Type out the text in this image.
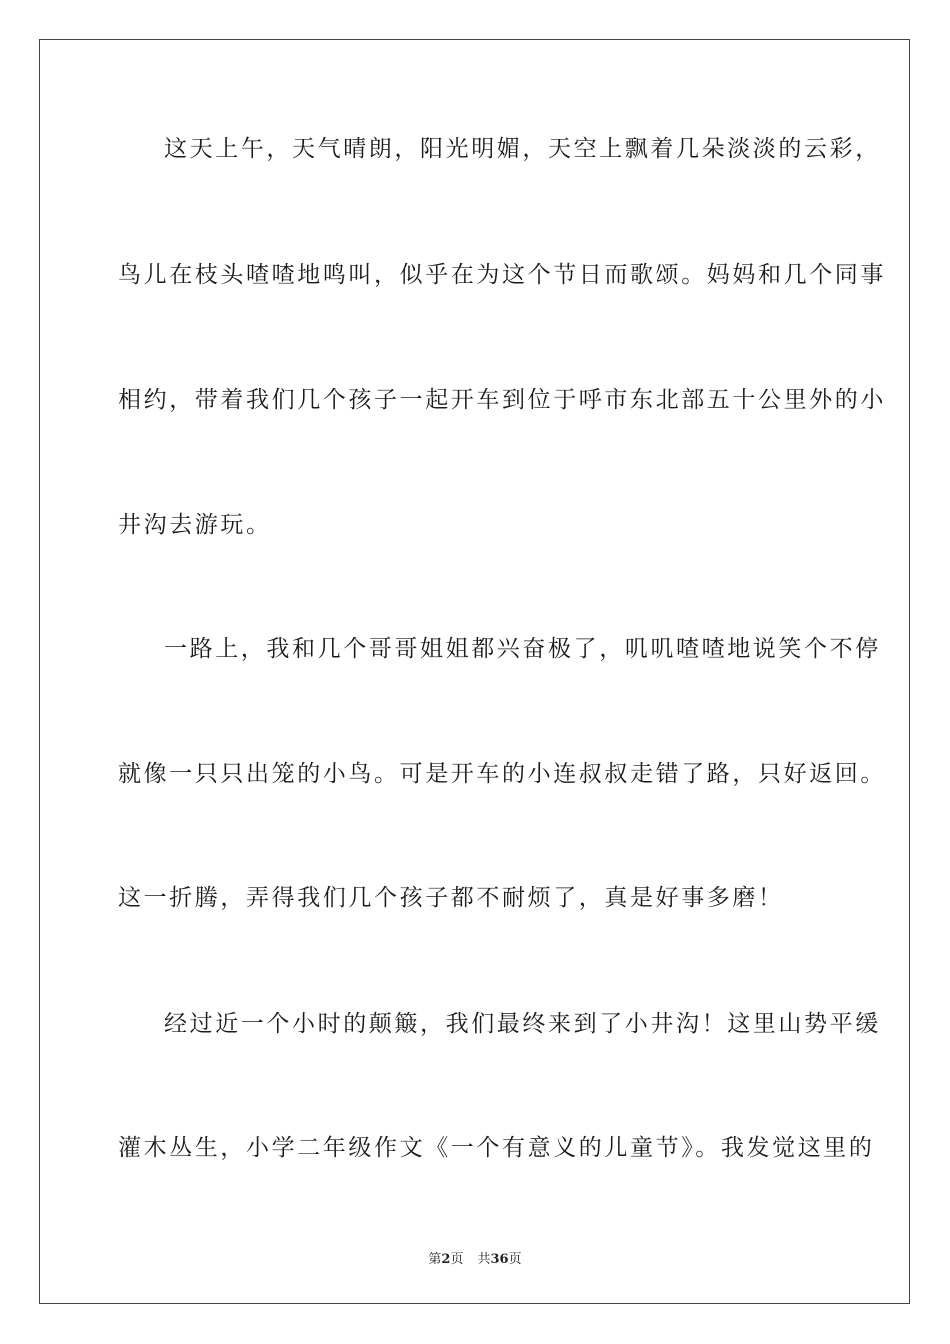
这天上午，天气晴朗，阳光明媚，天空上飘着几朵淡淡的云彩，
鸟儿在枝头喳喳地鸣叫，似乎在为这个节日而歌颂。妈妈和几个同事
相约，带着我们几个孩子一起开车到位于呼市东北部五十公里外的小
井沟去游玩。
一路上，我和几个哥哥姐姐都兴奋极了，叽叽喳喳地说笑个不停
就像一只只出笼的小鸟。可是开车的小连叔叔走错了路，只好返回。
这一折腾，弄得我们几个孩子都不耐烦了，真是好事多磨！
经过近一个小时的颠簸，我们最终来到了小井沟！这里山势平缓
灌木丛生，小学二年级作文《一个有意义的儿童节》。我发觉这里的
第2页 共36页
